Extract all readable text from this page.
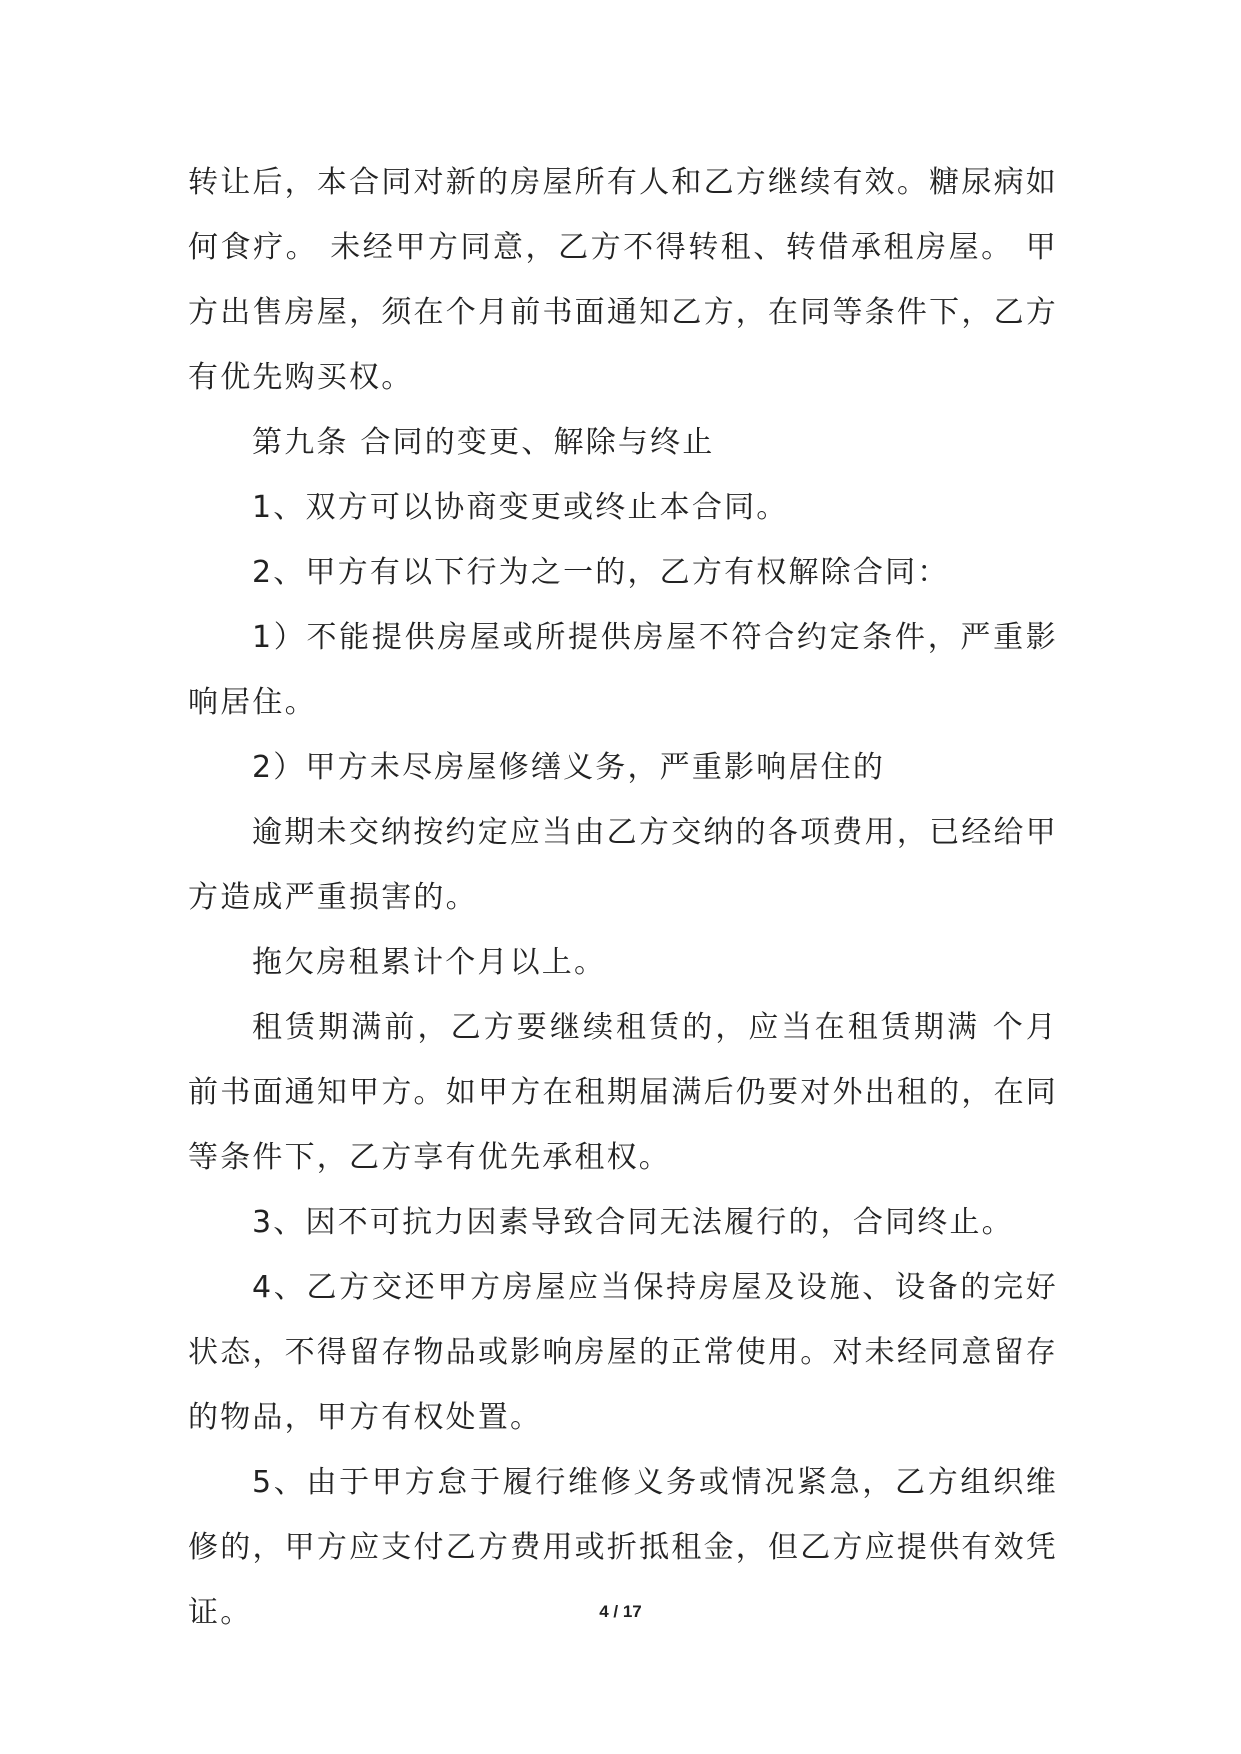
转让后，本合同对新的房屋所有人和乙方继续有效。糖尿病如何食疗。 未经甲方同意，乙方不得转租、转借承租房屋。 甲方出售房屋，须在个月前书面通知乙方，在同等条件下，乙方有优先购买权。

第九条 合同的变更、解除与终止

1、双方可以协商变更或终止本合同。

2、甲方有以下行为之一的，乙方有权解除合同：

1）不能提供房屋或所提供房屋不符合约定条件，严重影响居住。

2）甲方未尽房屋修缮义务，严重影响居住的

逾期未交纳按约定应当由乙方交纳的各项费用，已经给甲方造成严重损害的。

拖欠房租累计个月以上。

租赁期满前，乙方要继续租赁的，应当在租赁期满 个月前书面通知甲方。如甲方在租期届满后仍要对外出租的，在同等条件下，乙方享有优先承租权。

3、因不可抗力因素导致合同无法履行的，合同终止。

4、乙方交还甲方房屋应当保持房屋及设施、设备的完好状态，不得留存物品或影响房屋的正常使用。对未经同意留存的物品，甲方有权处置。

5、由于甲方怠于履行维修义务或情况紧急，乙方组织维修的，甲方应支付乙方费用或折抵租金，但乙方应提供有效凭证。	4 / 17
